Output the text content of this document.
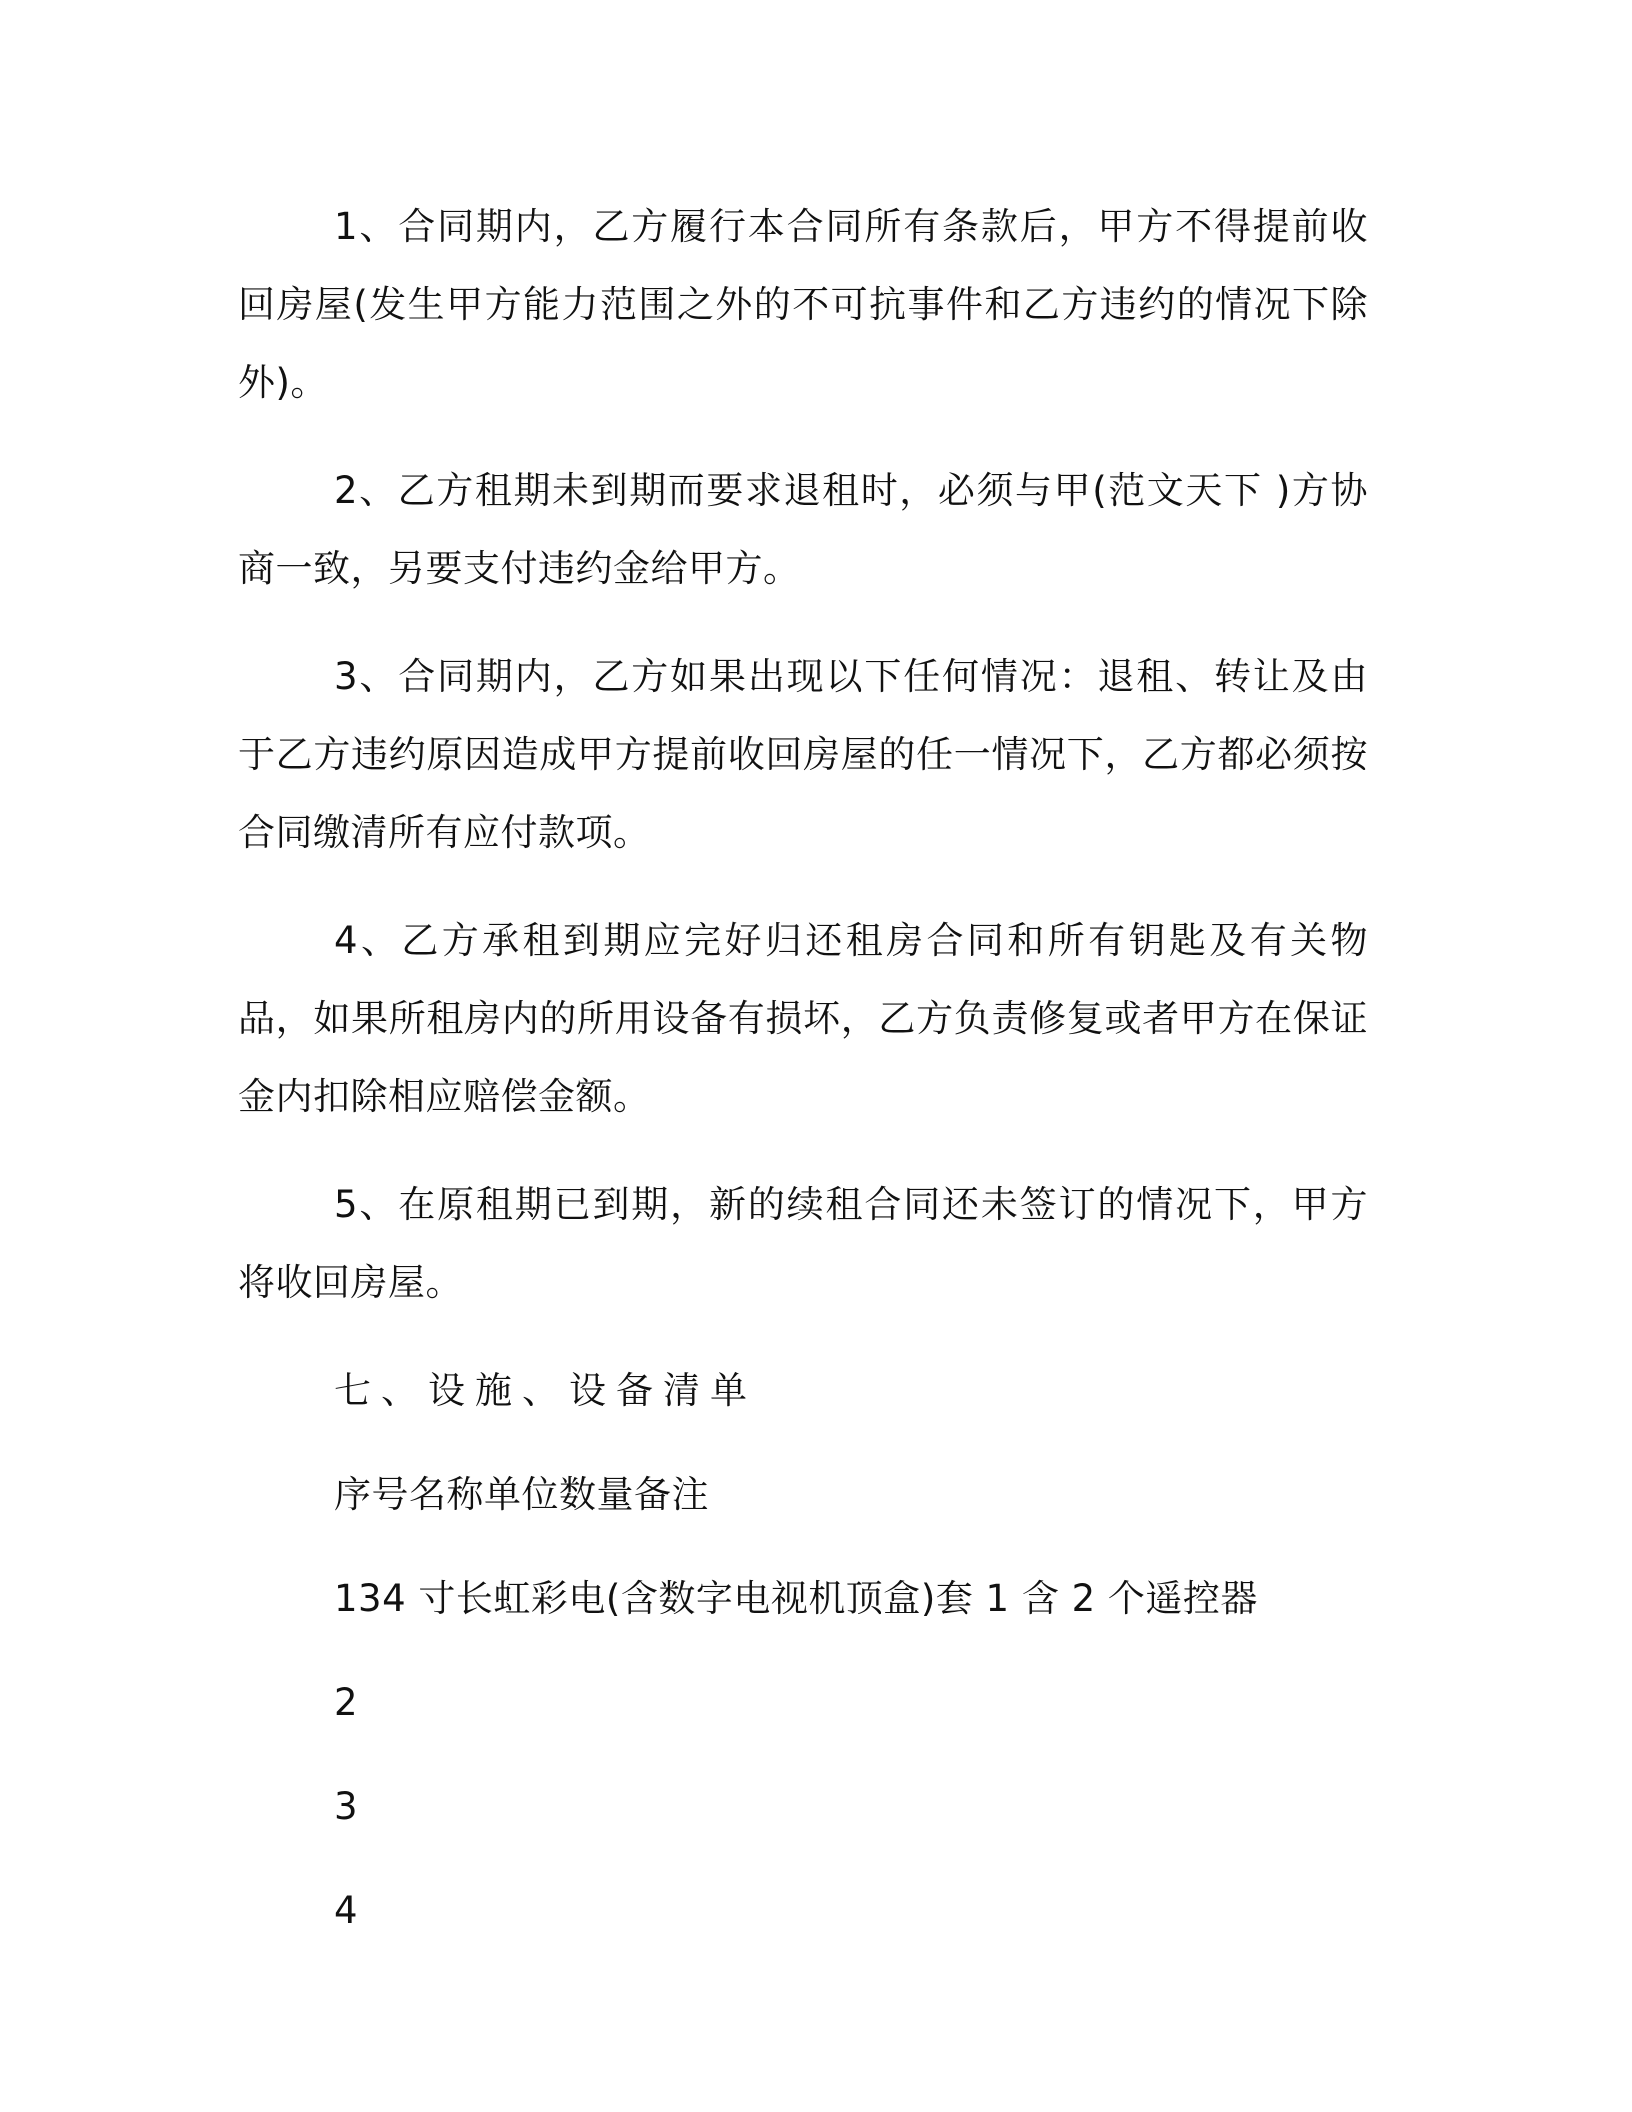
1、合同期内，乙方履行本合同所有条款后，甲方不得提前收回房屋(发生甲方能力范围之外的不可抗事件和乙方违约的情况下除外)。

2、乙方租期未到期而要求退租时，必须与甲(范文天下 )方协商一致，另要支付违约金给甲方。

3、合同期内，乙方如果出现以下任何情况：退租、转让及由于乙方违约原因造成甲方提前收回房屋的任一情况下，乙方都必须按合同缴清所有应付款项。

4、乙方承租到期应完好归还租房合同和所有钥匙及有关物品，如果所租房内的所用设备有损坏，乙方负责修复或者甲方在保证金内扣除相应赔偿金额。

5、在原租期已到期，新的续租合同还未签订的情况下，甲方将收回房屋。

七、设施、设备清单
序号名称单位数量备注
134 寸长虹彩电(含数字电视机顶盒)套 1 含 2 个遥控器
2
3
4
